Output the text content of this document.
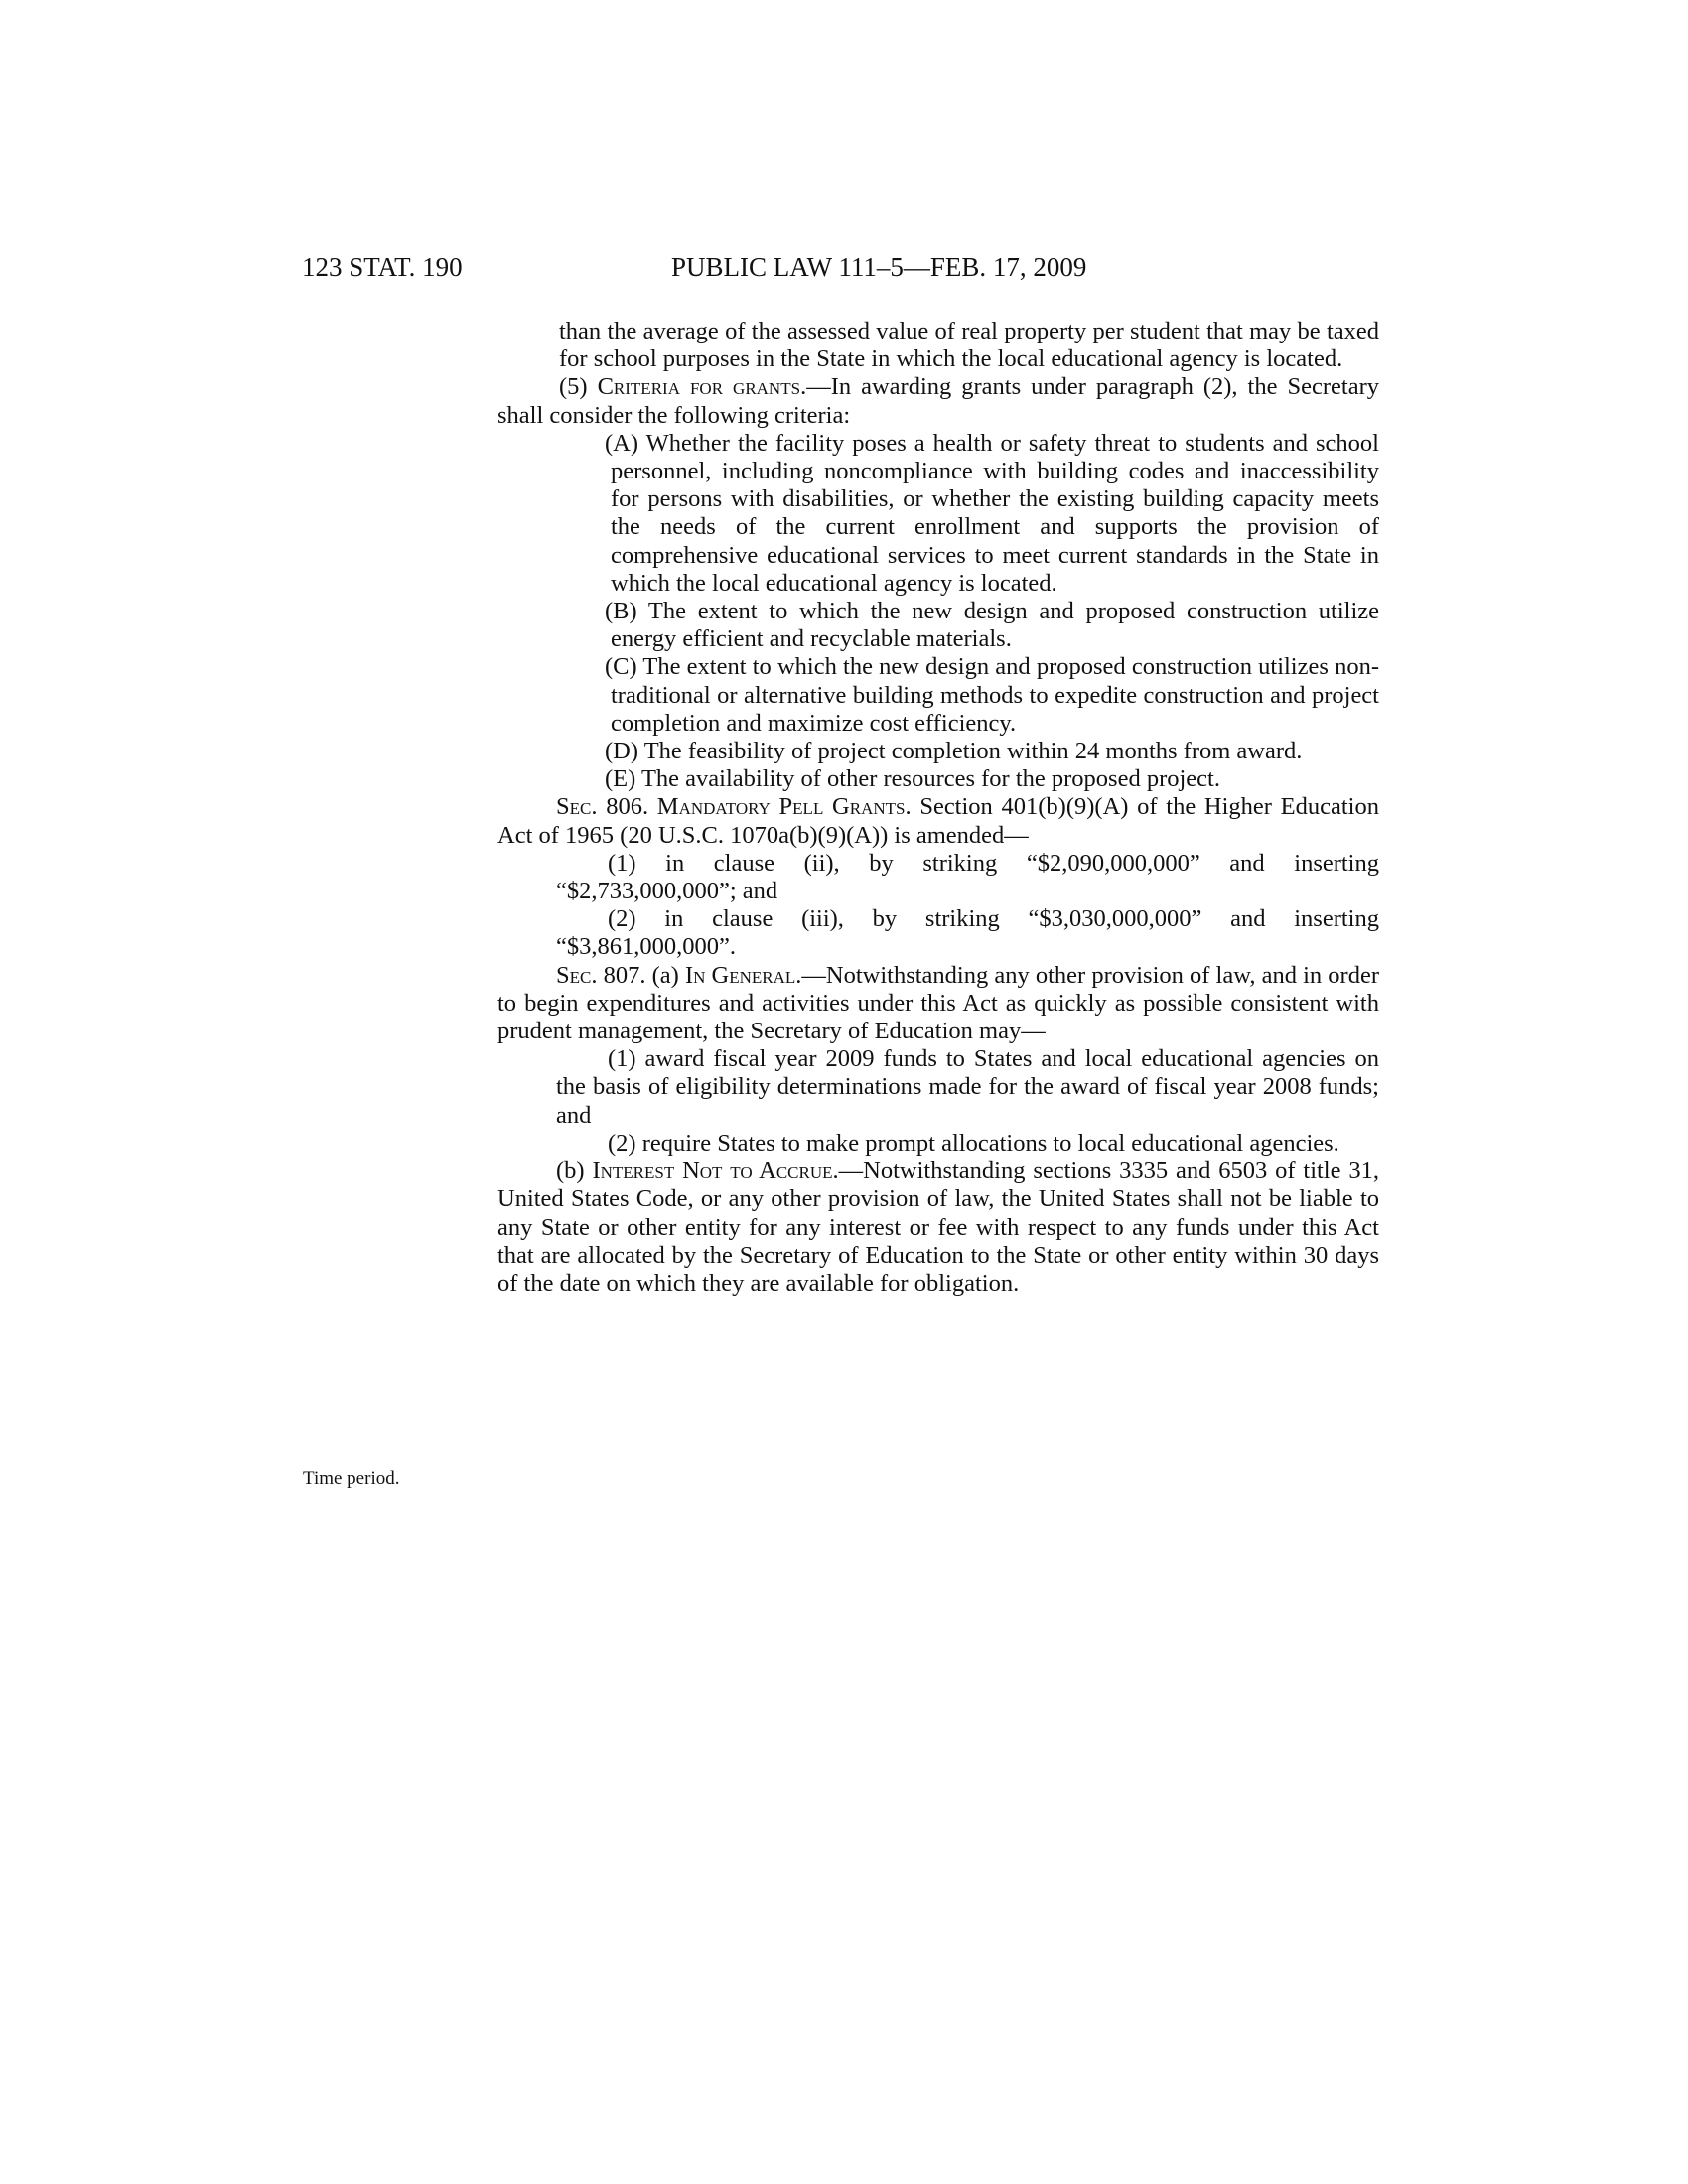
123 STAT. 190	PUBLIC LAW 111–5—FEB. 17, 2009

than the average of the assessed value of real property per student that may be taxed for school purposes in the State in which the local educational agency is located.

(5) Criteria for grants.—In awarding grants under paragraph (2), the Secretary shall consider the following criteria:

(A) Whether the facility poses a health or safety threat to students and school personnel, including noncompliance with building codes and inaccessibility for persons with disabilities, or whether the existing building capacity meets the needs of the current enrollment and supports the provision of comprehensive educational services to meet current standards in the State in which the local educational agency is located.

(B) The extent to which the new design and proposed construction utilize energy efficient and recyclable materials.

(C) The extent to which the new design and proposed construction utilizes non-traditional or alternative building methods to expedite construction and project completion and maximize cost efficiency.

(D) The feasibility of project completion within 24 months from award.

(E) The availability of other resources for the proposed project.

Sec. 806. Mandatory Pell Grants. Section 401(b)(9)(A) of the Higher Education Act of 1965 (20 U.S.C. 1070a(b)(9)(A)) is amended—

(1) in clause (ii), by striking “$2,090,000,000” and inserting “$2,733,000,000”; and

(2) in clause (iii), by striking “$3,030,000,000” and inserting “$3,861,000,000”.

Sec. 807. (a) In General.—Notwithstanding any other provision of law, and in order to begin expenditures and activities under this Act as quickly as possible consistent with prudent management, the Secretary of Education may—

(1) award fiscal year 2009 funds to States and local educational agencies on the basis of eligibility determinations made for the award of fiscal year 2008 funds; and

(2) require States to make prompt allocations to local educational agencies.

(b) Interest Not to Accrue.—Notwithstanding sections 3335 and 6503 of title 31, United States Code, or any other provision of law, the United States shall not be liable to any State or other entity for any interest or fee with respect to any funds under this Act that are allocated by the Secretary of Education to the State or other entity within 30 days of the date on which they are available for obligation.

Time period.
